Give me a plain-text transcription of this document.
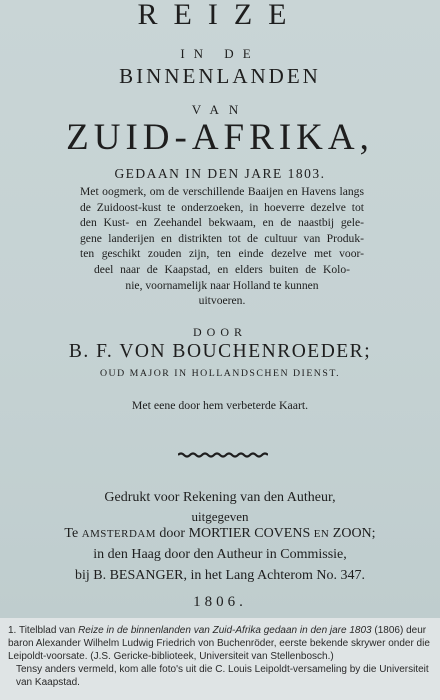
REIZE
IN DE
BINNENLANDEN
VAN
ZUID-AFRIKA,
GEDAAN IN DEN JARE 1803.
Met oogmerk, om de verschillende Baaijen en Havens langs
de Zuidoost-kust te onderzoeken, in hoeverre dezelve tot
den Kust- en Zeehandel bekwaam, en de naastbij gele-
gene landerijen en distrikten tot de cultuur van Produk-
ten geschikt zouden zijn, ten einde dezelve met voor-
deel naar de Kaapstad, en elders buiten de Kolo-
nie, voornamelijk naar Holland te kunnen
uitvoeren.
DOOR
B. F. VON BOUCHENROEDER;
OUD MAJOR IN HOLLANDSCHEN DIENST.
Met eene door hem verbeterde Kaart.
Gedrukt voor Rekening van den Autheur,
uitgegeven
Te AMSTERDAM door MORTIER COVENS EN ZOON;
in den Haag door den Autheur in Commissie,
bij B. BESANGER, in het Lang Achterom No. 347.
1806.

1. Titelblad van Reize in de binnenlanden van Zuid-Afrika gedaan in den jare 1803 (1806) deur baron Alexander Wilhelm Ludwig Friedrich von Buchenröder, eerste bekende skrywer onder die Leipoldt-voorsate. (J.S. Gericke-biblioteek, Universiteit van Stellenbosch.)

Tensy anders vermeld, kom alle foto's uit die C. Louis Leipoldt-versameling by die Universiteit van Kaapstad.
